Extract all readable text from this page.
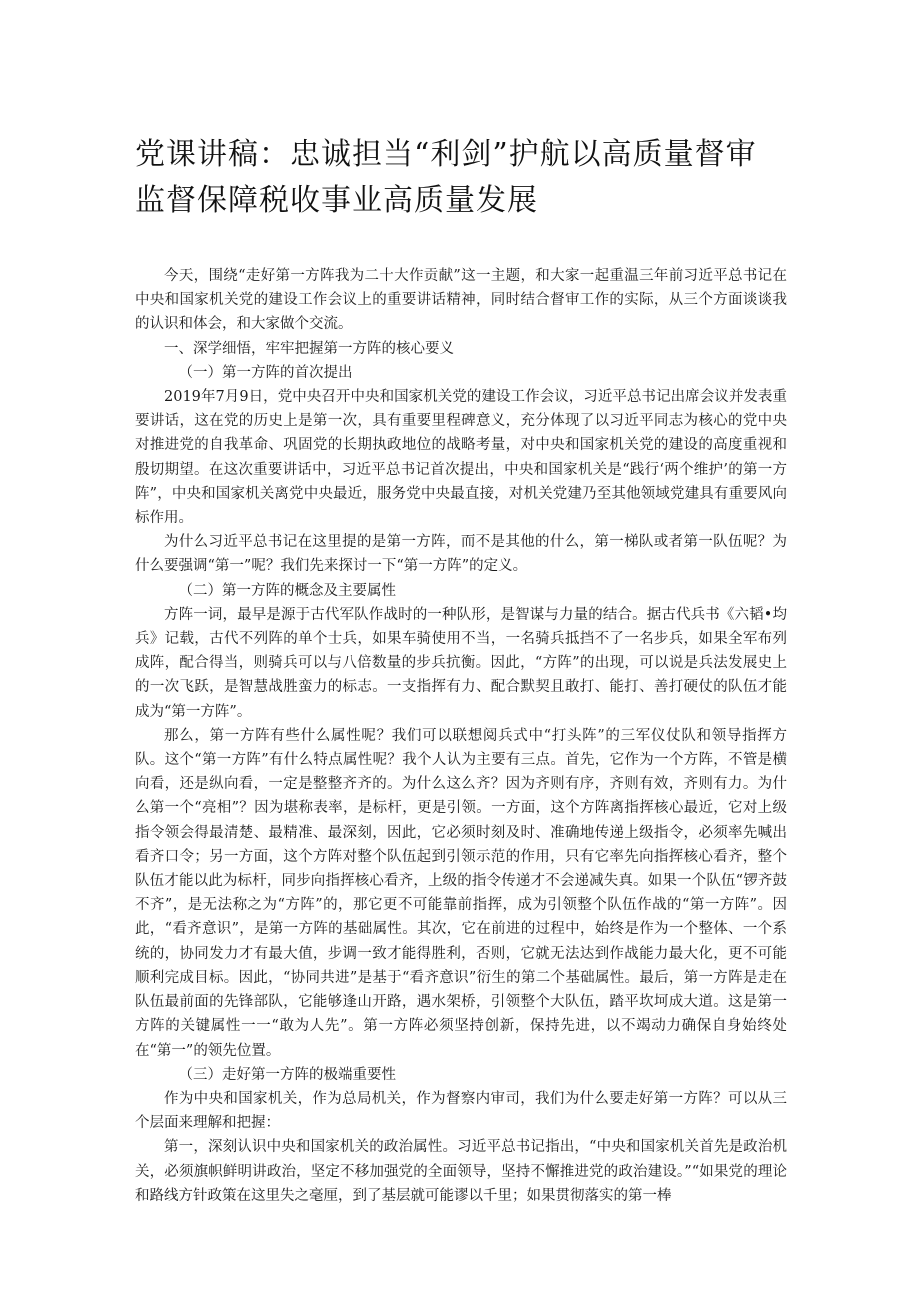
党课讲稿：忠诚担当“利剑”护航以高质量督审监督保障税收事业高质量发展

今天，围绕“走好第一方阵我为二十大作贡献”这一主题，和大家一起重温三年前习近平总书记在中央和国家机关党的建设工作会议上的重要讲话精神，同时结合督审工作的实际，从三个方面谈谈我的认识和体会，和大家做个交流。

一、深学细悟，牢牢把握第一方阵的核心要义

（一）第一方阵的首次提出

2019年7月9日，党中央召开中央和国家机关党的建设工作会议，习近平总书记出席会议并发表重要讲话，这在党的历史上是第一次，具有重要里程碑意义，充分体现了以习近平同志为核心的党中央对推进党的自我革命、巩固党的长期执政地位的战略考量，对中央和国家机关党的建设的高度重视和殷切期望。在这次重要讲话中，习近平总书记首次提出，中央和国家机关是“践行‘两个维护’的第一方阵”，中央和国家机关离党中央最近，服务党中央最直接，对机关党建乃至其他领域党建具有重要风向标作用。

为什么习近平总书记在这里提的是第一方阵，而不是其他的什么，第一梯队或者第一队伍呢？为什么要强调“第一”呢？我们先来探讨一下“第一方阵”的定义。

（二）第一方阵的概念及主要属性

方阵一词，最早是源于古代军队作战时的一种队形，是智谋与力量的结合。据古代兵书《六韬•均兵》记载，古代不列阵的单个士兵，如果车骑使用不当，一名骑兵抵挡不了一名步兵，如果全军布列成阵，配合得当，则骑兵可以与八倍数量的步兵抗衡。因此，“方阵”的出现，可以说是兵法发展史上的一次飞跃，是智慧战胜蛮力的标志。一支指挥有力、配合默契且敢打、能打、善打硬仗的队伍才能成为“第一方阵”。

那么，第一方阵有些什么属性呢？我们可以联想阅兵式中“打头阵”的三军仪仗队和领导指挥方队。这个“第一方阵”有什么特点属性呢？我个人认为主要有三点。首先，它作为一个方阵，不管是横向看，还是纵向看，一定是整整齐齐的。为什么这么齐？因为齐则有序，齐则有效，齐则有力。为什么第一个“亮相”？因为堪称表率，是标杆，更是引领。一方面，这个方阵离指挥核心最近，它对上级指令领会得最清楚、最精准、最深刻，因此，它必须时刻及时、准确地传递上级指令，必须率先喊出看齐口令；另一方面，这个方阵对整个队伍起到引领示范的作用，只有它率先向指挥核心看齐，整个队伍才能以此为标杆，同步向指挥核心看齐，上级的指令传递才不会递减失真。如果一个队伍“锣齐鼓不齐”，是无法称之为“方阵”的，那它更不可能靠前指挥，成为引领整个队伍作战的“第一方阵”。因此，“看齐意识”，是第一方阵的基础属性。其次，它在前进的过程中，始终是作为一个整体、一个系统的，协同发力才有最大值，步调一致才能得胜利，否则，它就无法达到作战能力最大化，更不可能顺利完成目标。因此，“协同共进”是基于“看齐意识”衍生的第二个基础属性。最后，第一方阵是走在队伍最前面的先锋部队，它能够逢山开路，遇水架桥，引领整个大队伍，踏平坎坷成大道。这是第一方阵的关键属性一一“敢为人先”。第一方阵必须坚持创新，保持先进，以不竭动力确保自身始终处在“第一”的领先位置。

（三）走好第一方阵的极端重要性

作为中央和国家机关，作为总局机关，作为督察内审司，我们为什么要走好第一方阵？可以从三个层面来理解和把握：

第一，深刻认识中央和国家机关的政治属性。习近平总书记指出，“中央和国家机关首先是政治机关，必须旗帜鲜明讲政治，坚定不移加强党的全面领导，坚持不懈推进党的政治建设。”“如果党的理论和路线方针政策在这里失之毫厘，到了基层就可能谬以千里；如果贯彻落实的第一棒
